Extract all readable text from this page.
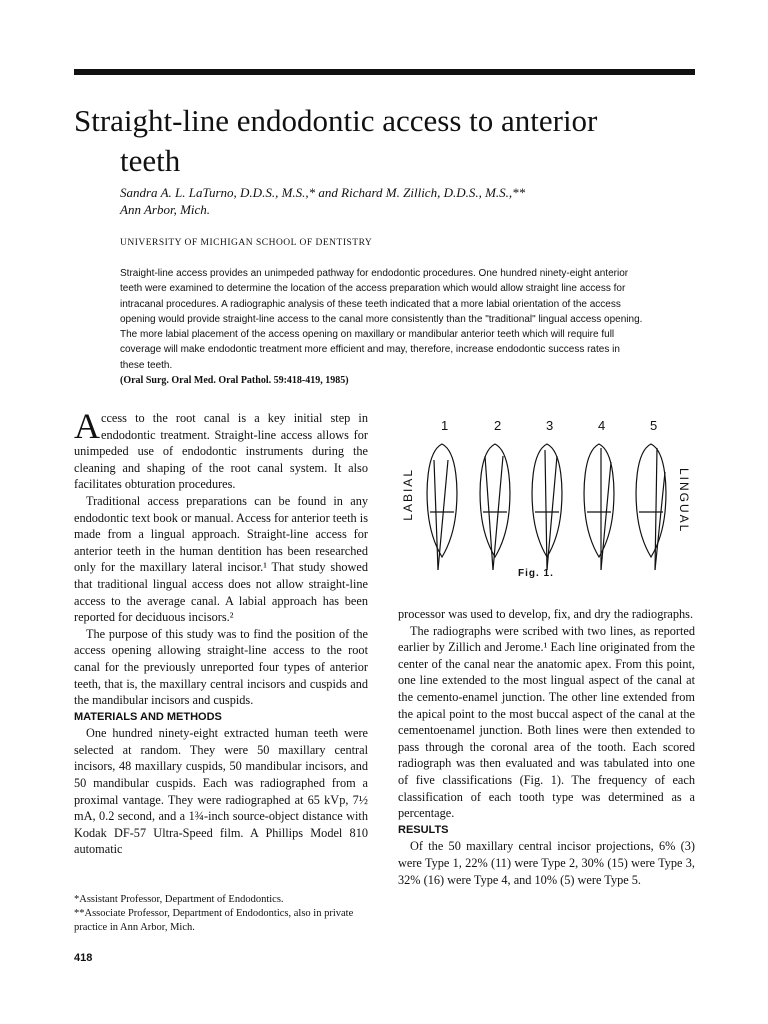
Straight-line endodontic access to anterior
teeth
Sandra A. L. LaTurno, D.D.S., M.S.,* and Richard M. Zillich, D.D.S., M.S.,**
Ann Arbor, Mich.
UNIVERSITY OF MICHIGAN SCHOOL OF DENTISTRY

Straight-line access provides an unimpeded pathway for endodontic procedures. One hundred ninety-eight anterior teeth were examined to determine the location of the access preparation which would allow straight line access for intracanal procedures. A radiographic analysis of these teeth indicated that a more labial orientation of the access opening would provide straight-line access to the canal more consistently than the "traditional" lingual access opening. The more labial placement of the access opening on maxillary or mandibular anterior teeth which will require full coverage will make endodontic treatment more efficient and may, therefore, increase endodontic success rates in these teeth.
(Oral Surg. Oral Med. Oral Pathol. 59:418-419, 1985)

Access to the root canal is a key initial step in endodontic treatment. Straight-line access allows for unimpeded use of endodontic instruments during the cleaning and shaping of the root canal system. It also facilitates obturation procedures.

Traditional access preparations can be found in any endodontic text book or manual. Access for anterior teeth is made from a lingual approach. Straight-line access for anterior teeth in the human dentition has been researched only for the maxillary lateral incisor.¹ That study showed that traditional lingual access does not allow straight-line access to the average canal. A labial approach has been reported for deciduous incisors.²

The purpose of this study was to find the position of the access opening allowing straight-line access to the root canal for the previously unreported four types of anterior teeth, that is, the maxillary central incisors and cuspids and the mandibular incisors and cuspids.

MATERIALS AND METHODS

One hundred ninety-eight extracted human teeth were selected at random. They were 50 maxillary central incisors, 48 maxillary cuspids, 50 mandibular incisors, and 50 mandibular cuspids. Each was radiographed from a proximal vantage. They were radiographed at 65 kVp, 7½ mA, 0.2 second, and a 1¾-inch source-object distance with Kodak DF-57 Ultra-Speed film. A Phillips Model 810 automatic

*Assistant Professor, Department of Endodontics.

**Associate Professor, Department of Endodontics, also in private practice in Ann Arbor, Mich.

418
1	2	3	4	5
LABIAL	LINGUAL
Fig. 1.

processor was used to develop, fix, and dry the radiographs.

The radiographs were scribed with two lines, as reported earlier by Zillich and Jerome.¹ Each line originated from the center of the canal near the anatomic apex. From this point, one line extended to the most lingual aspect of the canal at the cemento-enamel junction. The other line extended from the apical point to the most buccal aspect of the canal at the cementoenamel junction. Both lines were then extended to pass through the coronal area of the tooth. Each scored radiograph was then evaluated and was tabulated into one of five classifications (Fig. 1). The frequency of each classification of each tooth type was determined as a percentage.

RESULTS

Of the 50 maxillary central incisor projections, 6% (3) were Type 1, 22% (11) were Type 2, 30% (15) were Type 3, 32% (16) were Type 4, and 10% (5) were Type 5.
